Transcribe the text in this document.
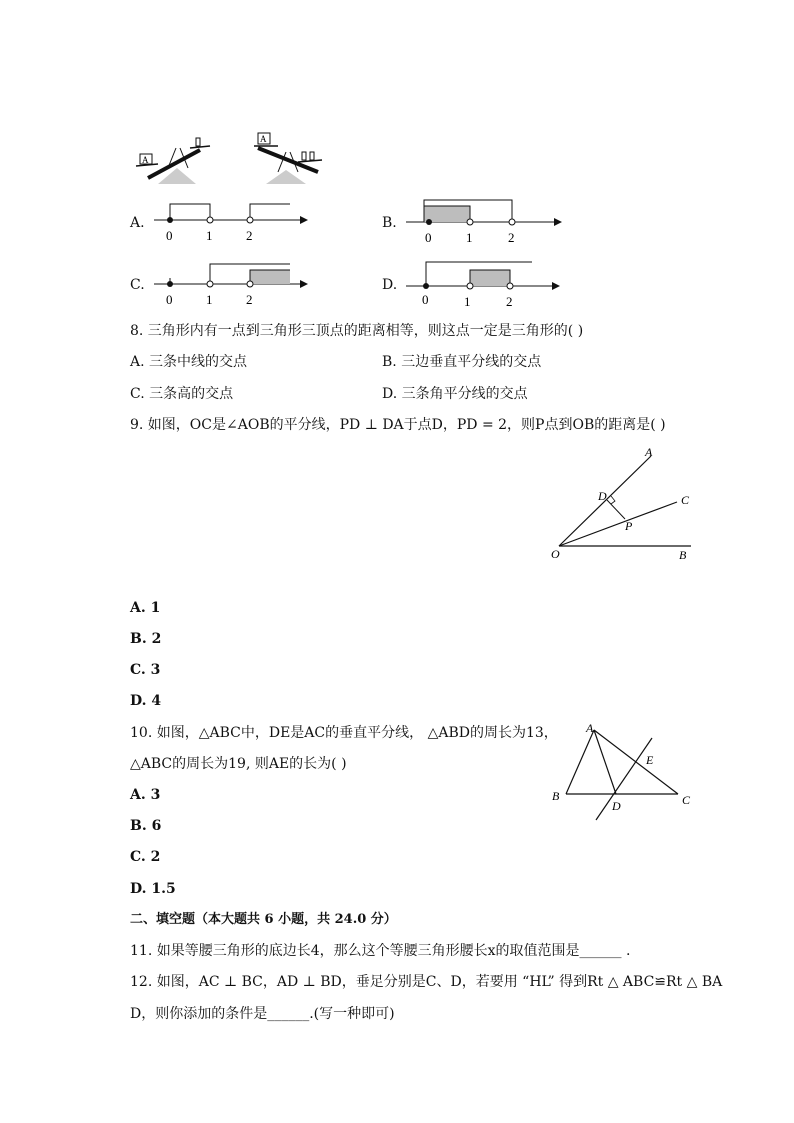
A
A
A.
0	1	2
B.
0	1	2
C.
0	1	2
D.
0	1	2
8. 三角形内有一点到三角形三顶点的距离相等，则这点一定是三角形的( )
A. 三条中线的交点	B. 三边垂直平分线的交点
C. 三条高的交点	D. 三条角平分线的交点
9. 如图，OC是∠AOB的平分线，PD ⊥ DA于点D，PD = 2，则P点到OB的距离是( )
A
C
D
P
O	B
A. 1
B. 2
C. 3
D. 4
10. 如图，△ABC中，DE是AC的垂直平分线， △ABD的周长为13，
△ABC的周长为19, 则AE的长为( )
A
E
B
D	C
A. 3
B. 6
C. 2
D. 1.5
二、填空题（本大题共 6 小题，共 24.0 分）
11. 如果等腰三角形的底边长4，那么这个等腰三角形腰长x的取值范围是______ .
12. 如图，AC ⊥ BC，AD ⊥ BD，垂足分别是C、D，若要用 “HL” 得到Rt △ ABC≌Rt △ BA
D，则你添加的条件是______.(写一种即可)
